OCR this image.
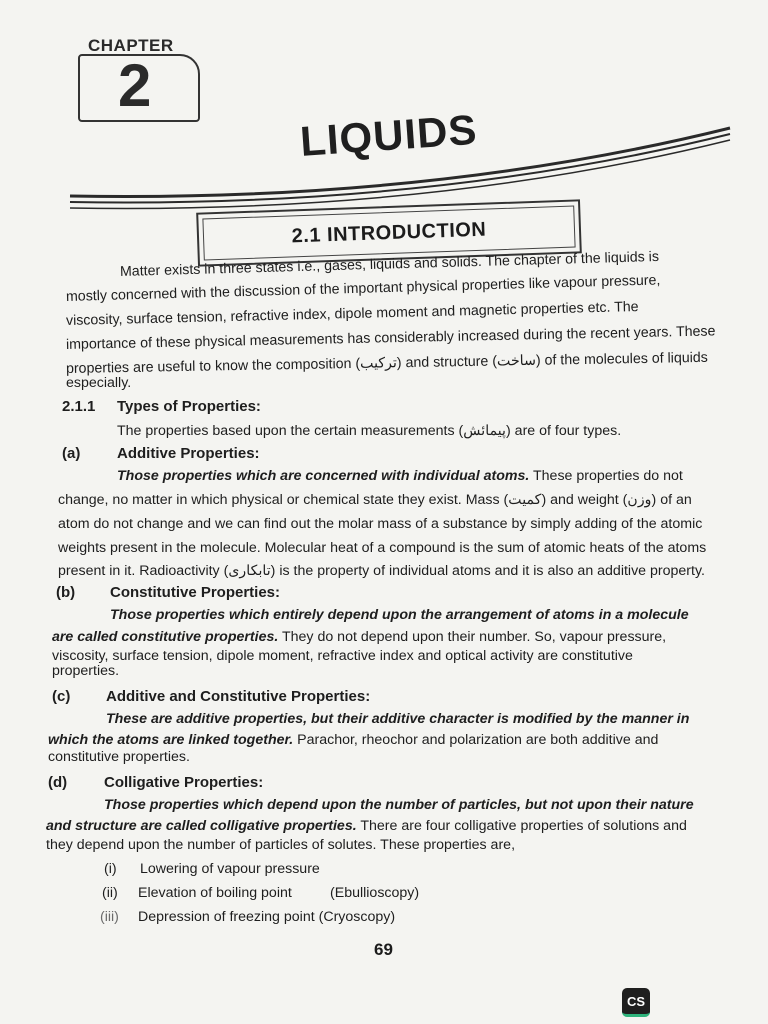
CHAPTER
2
LIQUIDS
2.1 INTRODUCTION
Matter exists in three states i.e., gases, liquids and solids. The chapter of the liquids is
mostly concerned with the discussion of the important physical properties like vapour pressure,
viscosity, surface tension, refractive index, dipole moment and magnetic properties etc. The
importance of these physical measurements has considerably increased during the recent years. These
properties are useful to know the composition (ترکیب) and structure (ساخت) of the molecules of liquids
especially.
2.1.1 Types of Properties:
The properties based upon the certain measurements (پیمائش) are of four types.
(a) Additive Properties:
Those properties which are concerned with individual atoms. These properties do not
change, no matter in which physical or chemical state they exist. Mass (کمیت) and weight (وزن) of an
atom do not change and we can find out the molar mass of a substance by simply adding of the atomic
weights present in the molecule. Molecular heat of a compound is the sum of atomic heats of the atoms
present in it. Radioactivity (تابکاری) is the property of individual atoms and it is also an additive property.
(b) Constitutive Properties:
Those properties which entirely depend upon the arrangement of atoms in a molecule
are called constitutive properties. They do not depend upon their number. So, vapour pressure,
viscosity, surface tension, dipole moment, refractive index and optical activity are constitutive
properties.
(c) Additive and Constitutive Properties:
These are additive properties, but their additive character is modified by the manner in
which the atoms are linked together. Parachor, rheochor and polarization are both additive and
constitutive properties.
(d) Colligative Properties:
Those properties which depend upon the number of particles, but not upon their nature
and structure are called colligative properties. There are four colligative properties of solutions and
they depend upon the number of particles of solutes. These properties are,
(i) Lowering of vapour pressure
(ii) Elevation of boiling point	(Ebullioscopy)
(iii) Depression of freezing point (Cryoscopy)
69
CS
